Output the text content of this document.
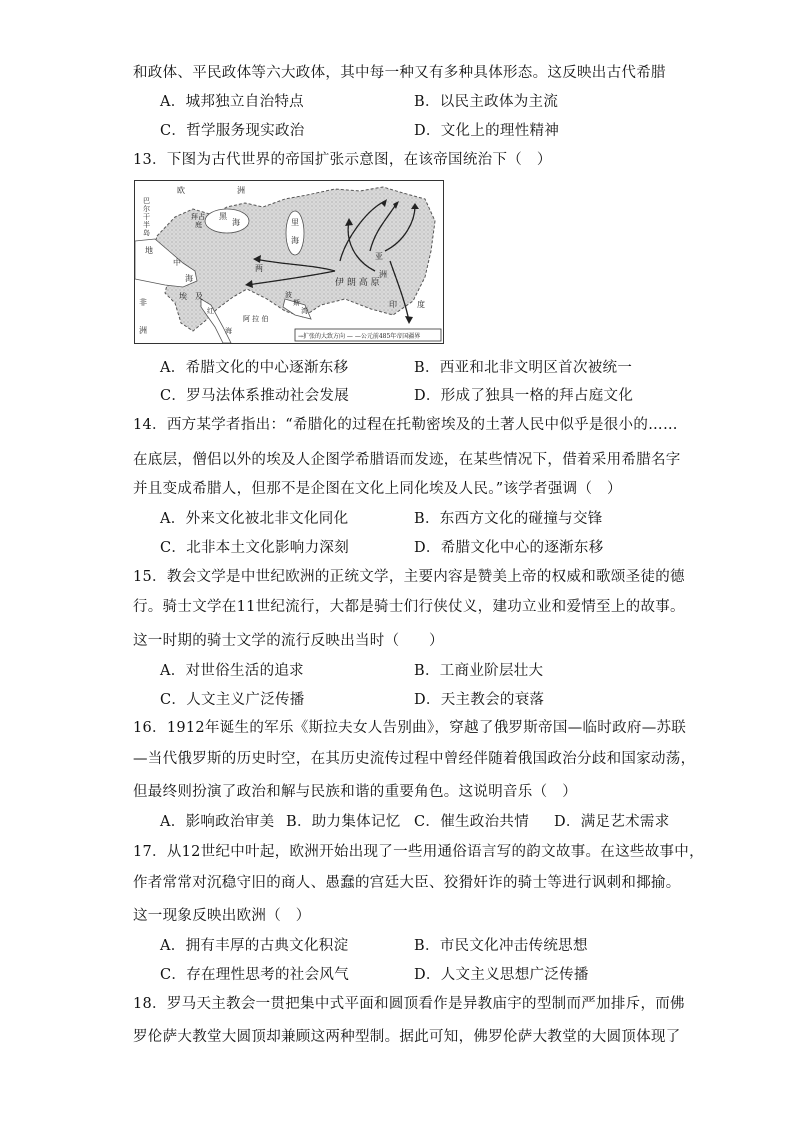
和政体、平民政体等六大政体，其中每一种又有多种具体形态。这反映出古代希腊
A．城邦独立自治特点	B．以民主政体为主流
C．哲学服务现实政治	D．文化上的理性精神
13．下图为古代世界的帝国扩张示意图，在该帝国统治下（　）
欧	洲
巴
尔
干
半
岛
黑
海
拜占
庭	里
海
地
中
海
非
洲
两
埃 及
红
海
阿 拉 伯
波
斯
湾
伊 朗 高 原
亚
洲
印	度
→扩张的大致方向 — —公元前485年帝国疆界
A．希腊文化的中心逐渐东移	B．西亚和北非文明区首次被统一
C．罗马法体系推动社会发展	D．形成了独具一格的拜占庭文化
14．西方某学者指出：“希腊化的过程在托勒密埃及的土著人民中似乎是很小的……
在底层，僧侣以外的埃及人企图学希腊语而发迹，在某些情况下，借着采用希腊名字
并且变成希腊人，但那不是企图在文化上同化埃及人民。”该学者强调（　）
A．外来文化被北非文化同化	B．东西方文化的碰撞与交锋
C．北非本土文化影响力深刻	D．希腊文化中心的逐渐东移
15．教会文学是中世纪欧洲的正统文学，主要内容是赞美上帝的权威和歌颂圣徒的德
行。骑士文学在11世纪流行，大都是骑士们行侠仗义，建功立业和爱情至上的故事。
这一时期的骑士文学的流行反映出当时（　　）
A．对世俗生活的追求	B．工商业阶层壮大
C．人文主义广泛传播	D．天主教会的衰落
16．1912年诞生的军乐《斯拉夫女人告别曲》，穿越了俄罗斯帝国—临时政府—苏联
—当代俄罗斯的历史时空，在其历史流传过程中曾经伴随着俄国政治分歧和国家动荡，
但最终则扮演了政治和解与民族和谐的重要角色。这说明音乐（　）
A．影响政治审美 B．助力集体记忆 C．催生政治共情 D．满足艺术需求
17．从12世纪中叶起，欧洲开始出现了一些用通俗语言写的韵文故事。在这些故事中，
作者常常对沉稳守旧的商人、愚蠢的宫廷大臣、狡猾奸诈的骑士等进行讽刺和揶揄。
这一现象反映出欧洲（　）
A．拥有丰厚的古典文化积淀	B．市民文化冲击传统思想
C．存在理性思考的社会风气	D．人文主义思想广泛传播
18．罗马天主教会一贯把集中式平面和圆顶看作是异教庙宇的型制而严加排斥，而佛
罗伦萨大教堂大圆顶却兼顾这两种型制。据此可知，佛罗伦萨大教堂的大圆顶体现了
